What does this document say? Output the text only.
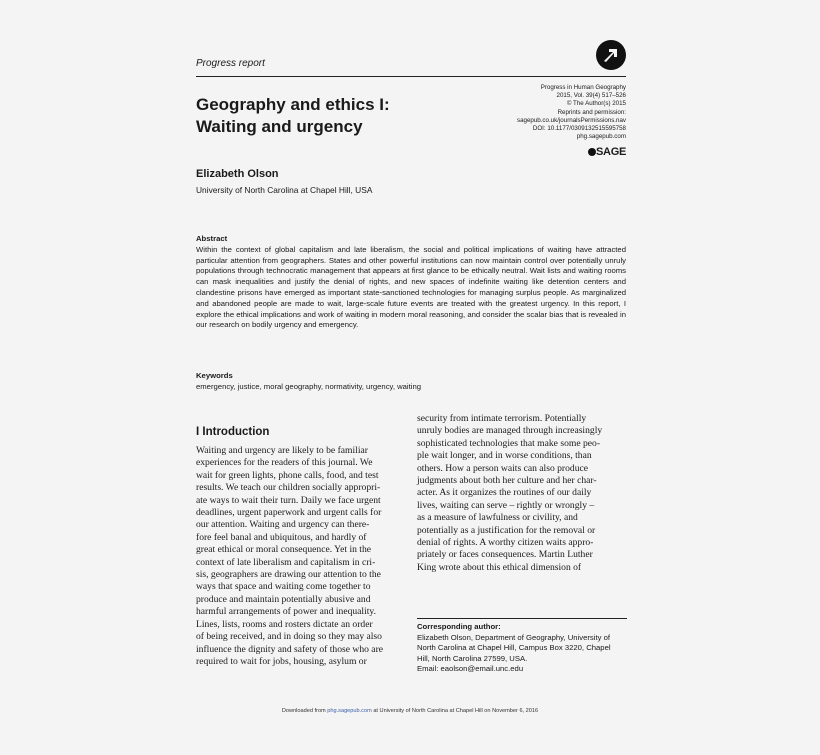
Progress report
Progress in Human Geography
2015, Vol. 39(4) 517–526
© The Author(s) 2015
Reprints and permission:
sagepub.co.uk/journalsPermissions.nav
DOI: 10.1177/0309132515595758
phg.sagepub.com
SAGE
Geography and ethics I:
Waiting and urgency
Elizabeth Olson
University of North Carolina at Chapel Hill, USA
Abstract
Within the context of global capitalism and late liberalism, the social and political implications of waiting have attracted particular attention from geographers. States and other powerful institutions can now maintain control over potentially unruly populations through technocratic management that appears at first glance to be ethically neutral. Wait lists and waiting rooms can mask inequalities and justify the denial of rights, and new spaces of indefinite waiting like detention centers and clandestine prisons have emerged as important state-sanctioned technologies for managing surplus people. As marginalized and abandoned people are made to wait, large-scale future events are treated with the greatest urgency. In this report, I explore the ethical implications and work of waiting in modern moral reasoning, and consider the scalar bias that is revealed in our research on bodily urgency and emergency.
Keywords
emergency, justice, moral geography, normativity, urgency, waiting
I Introduction
Waiting and urgency are likely to be familiar
experiences for the readers of this journal. We
wait for green lights, phone calls, food, and test
results. We teach our children socially appropri-
ate ways to wait their turn. Daily we face urgent
deadlines, urgent paperwork and urgent calls for
our attention. Waiting and urgency can there-
fore feel banal and ubiquitous, and hardly of
great ethical or moral consequence. Yet in the
context of late liberalism and capitalism in cri-
sis, geographers are drawing our attention to the
ways that space and waiting come together to
produce and maintain potentially abusive and
harmful arrangements of power and inequality.
Lines, lists, rooms and rosters dictate an order
of being received, and in doing so they may also
influence the dignity and safety of those who are
required to wait for jobs, housing, asylum or
security from intimate terrorism. Potentially
unruly bodies are managed through increasingly
sophisticated technologies that make some peo-
ple wait longer, and in worse conditions, than
others. How a person waits can also produce
judgments about both her culture and her char-
acter. As it organizes the routines of our daily
lives, waiting can serve – rightly or wrongly –
as a measure of lawfulness or civility, and
potentially as a justification for the removal or
denial of rights. A worthy citizen waits appro-
priately or faces consequences. Martin Luther
King wrote about this ethical dimension of
Corresponding author:
Elizabeth Olson, Department of Geography, University of
North Carolina at Chapel Hill, Campus Box 3220, Chapel
Hill, North Carolina 27599, USA.
Email: eaolson@email.unc.edu
Downloaded from phg.sagepub.com at University of North Carolina at Chapel Hill on November 6, 2016
